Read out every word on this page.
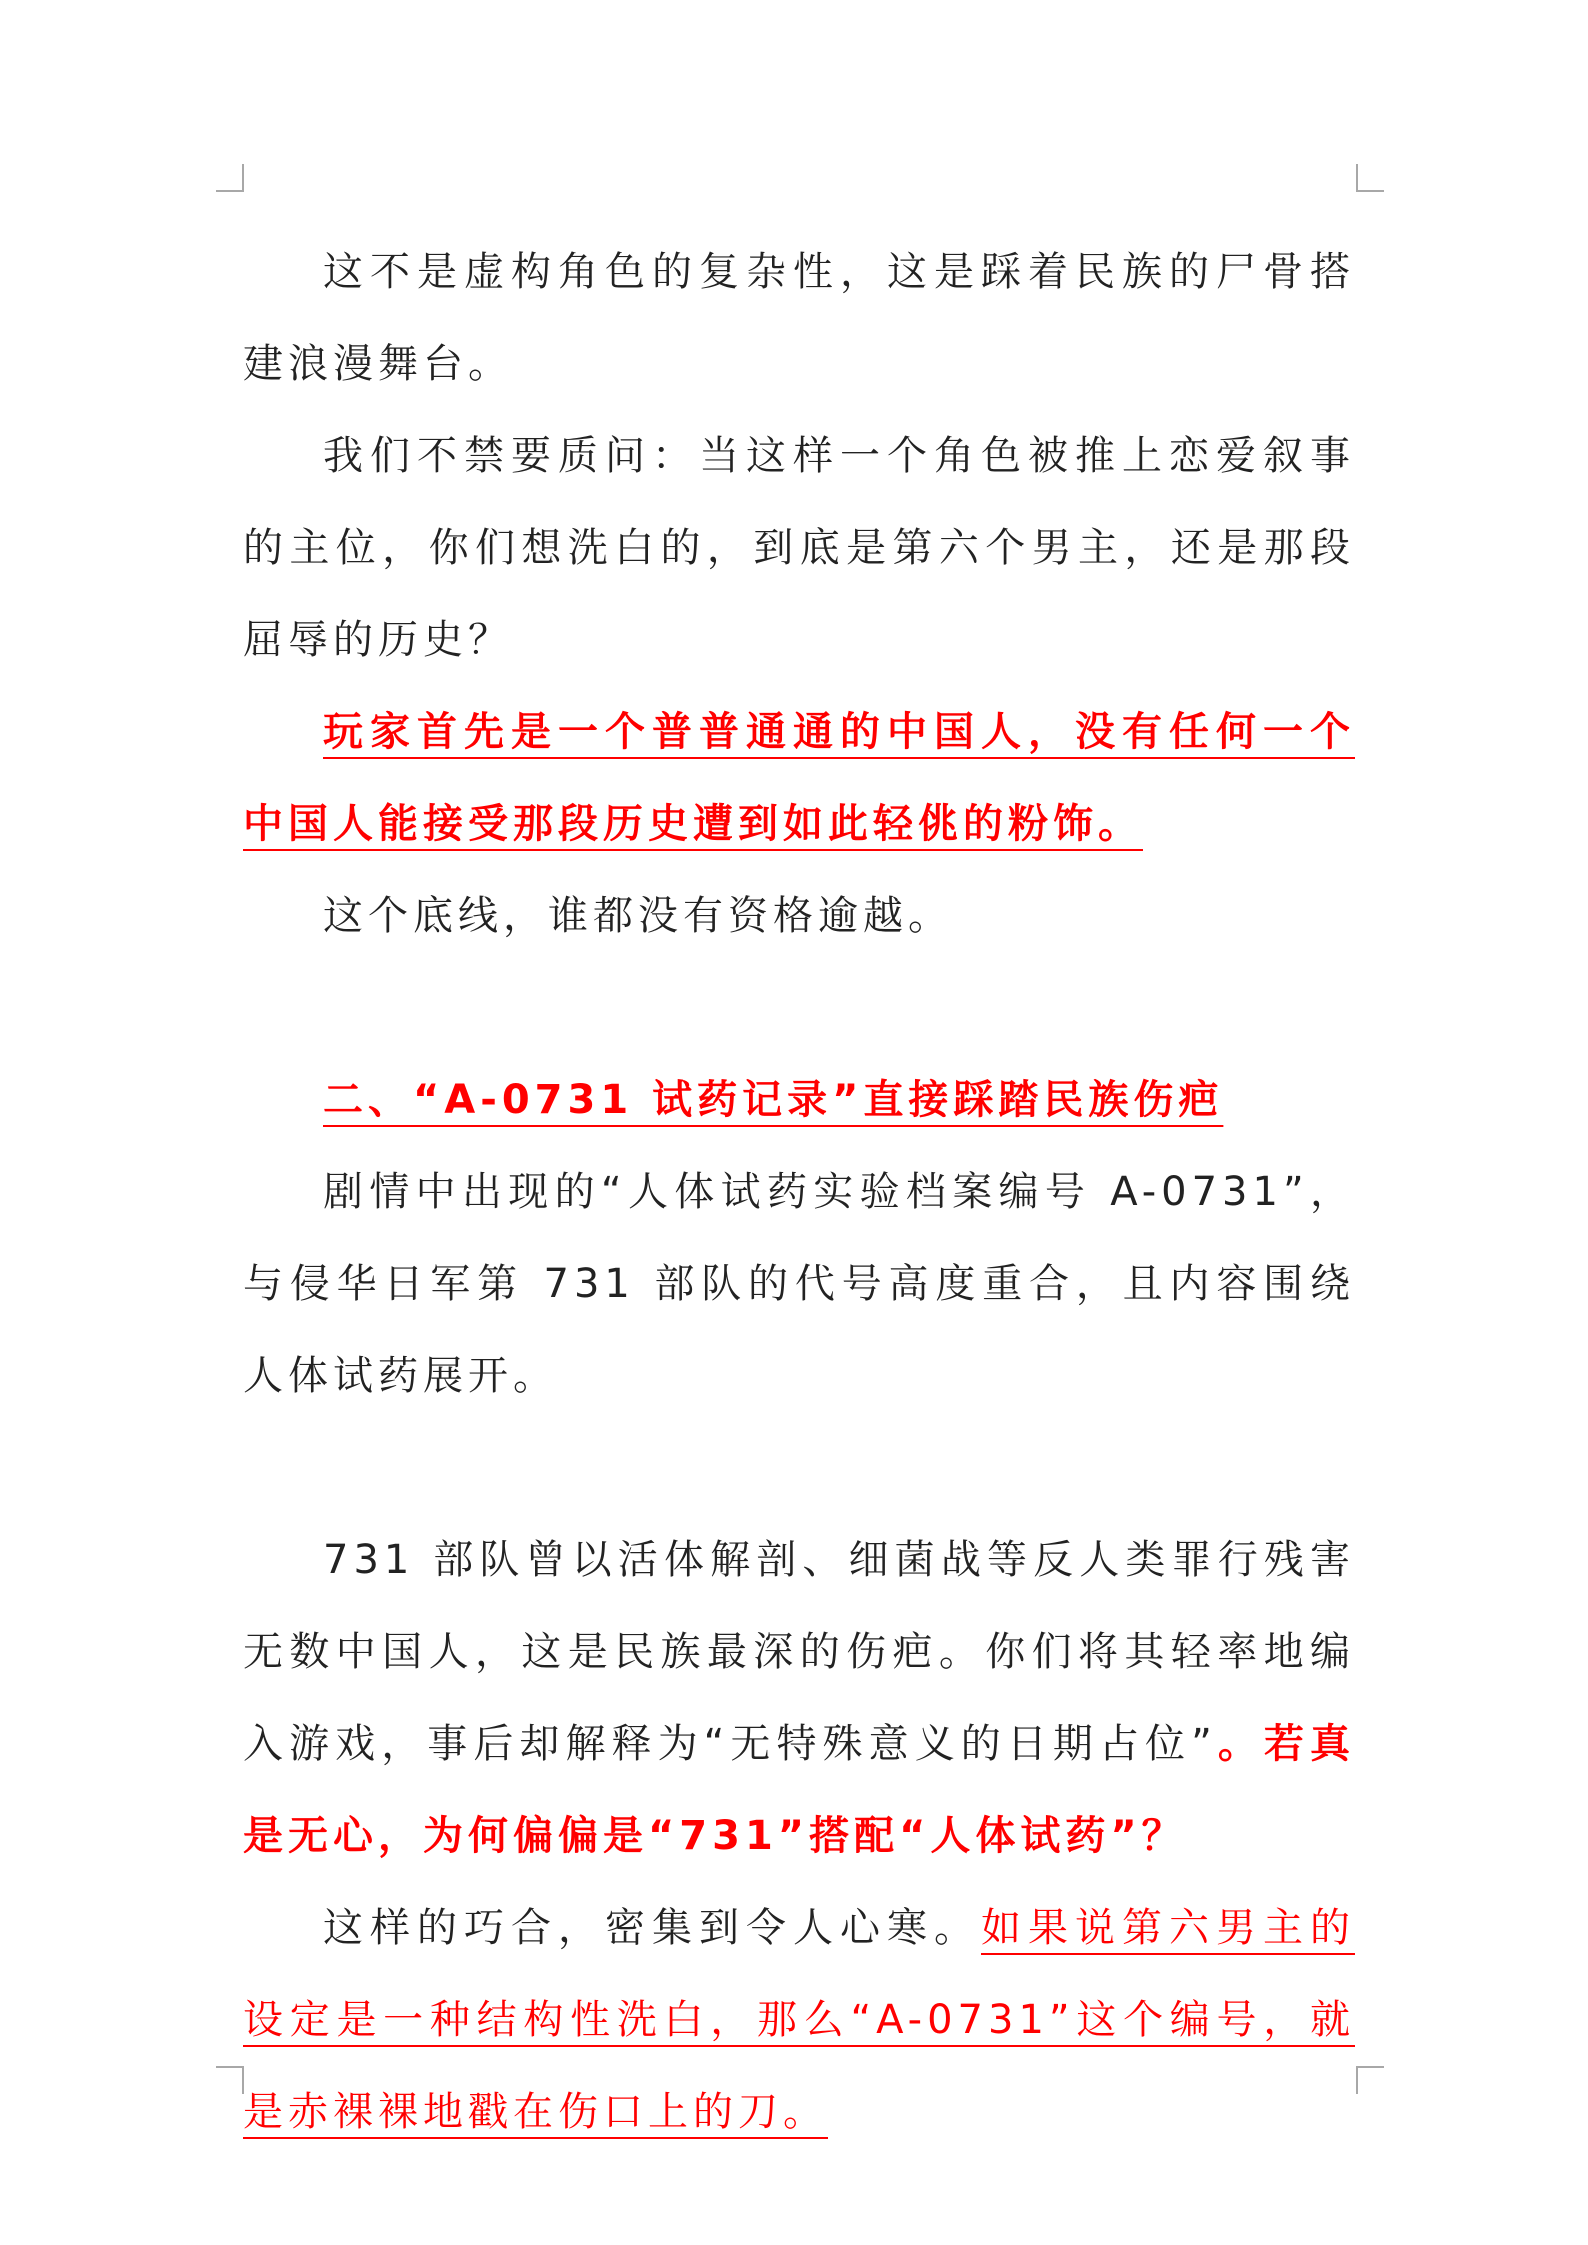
这不是虚构角色的复杂性，这是踩着民族的尸骨搭建浪漫舞台。

我们不禁要质问：当这样一个角色被推上恋爱叙事的主位，你们想洗白的，到底是第六个男主，还是那段屈辱的历史？

玩家首先是一个普普通通的中国人，没有任何一个中国人能接受那段历史遭到如此轻佻的粉饰。

这个底线，谁都没有资格逾越。

二、“A-0731 试药记录”直接踩踏民族伤疤

剧情中出现的“人体试药实验档案编号 A-0731”，与侵华日军第 731 部队的代号高度重合，且内容围绕人体试药展开。

731 部队曾以活体解剖、细菌战等反人类罪行残害无数中国人，这是民族最深的伤疤。你们将其轻率地编入游戏，事后却解释为“无特殊意义的日期占位”。若真是无心，为何偏偏是“731”搭配“人体试药”？

这样的巧合，密集到令人心寒。如果说第六男主的设定是一种结构性洗白，那么“A-0731”这个编号，就是赤裸裸地戳在伤口上的刀。
